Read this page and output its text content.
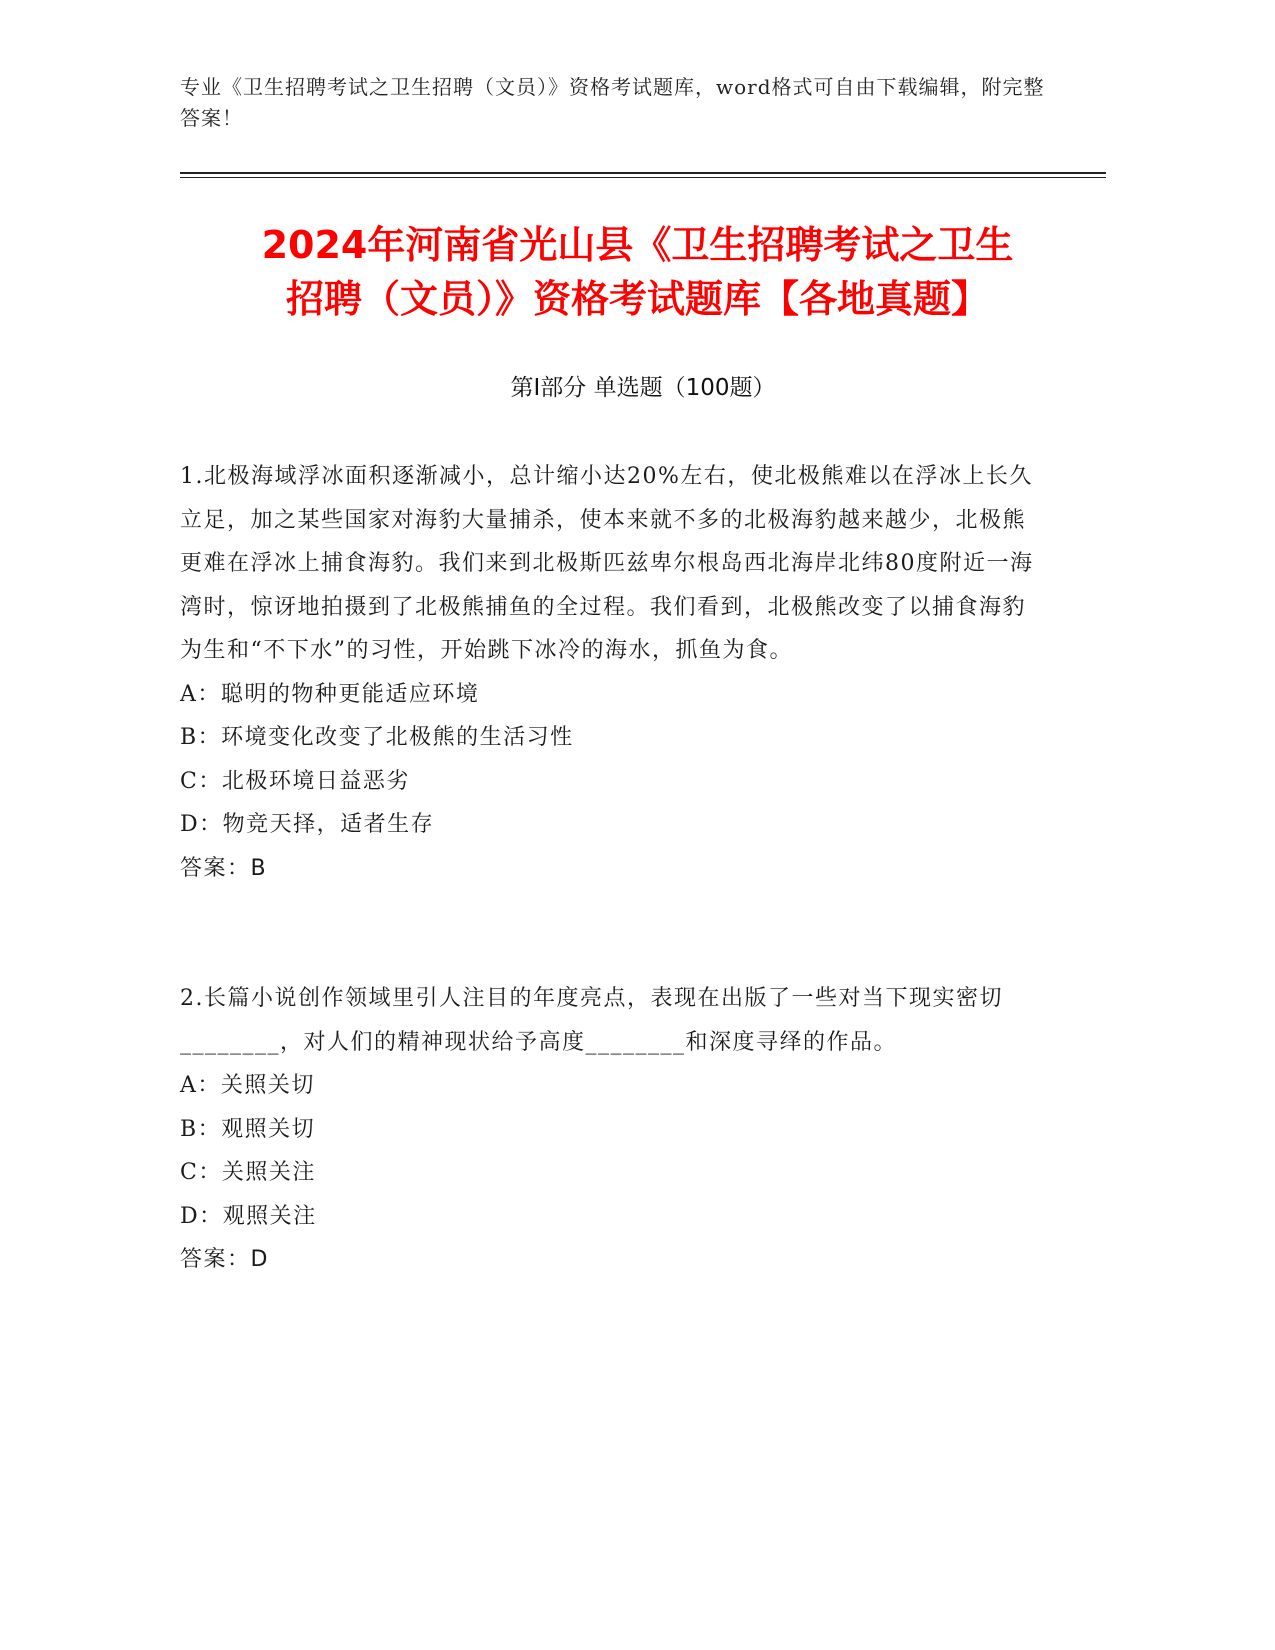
专业《卫生招聘考试之卫生招聘（文员）》资格考试题库，word格式可自由下载编辑，附完整答案！
2024年河南省光山县《卫生招聘考试之卫生
招聘（文员）》资格考试题库【各地真题】
第Ⅰ部分 单选题（100题）

1.北极海域浮冰面积逐渐减小，总计缩小达20%左右，使北极熊难以在浮冰上长久立足，加之某些国家对海豹大量捕杀，使本来就不多的北极海豹越来越少，北极熊更难在浮冰上捕食海豹。我们来到北极斯匹兹卑尔根岛西北海岸北纬80度附近一海湾时，惊讶地拍摄到了北极熊捕鱼的全过程。我们看到，北极熊改变了以捕食海豹为生和“不下水”的习性，开始跳下冰冷的海水，抓鱼为食。

A：聪明的物种更能适应环境

B：环境变化改变了北极熊的生活习性

C：北极环境日益恶劣

D：物竞天择，适者生存

答案：B

2.长篇小说创作领域里引人注目的年度亮点，表现在出版了一些对当下现实密切________，对人们的精神现状给予高度________和深度寻绎的作品。

A：关照关切

B：观照关切

C：关照关注

D：观照关注

答案：D
